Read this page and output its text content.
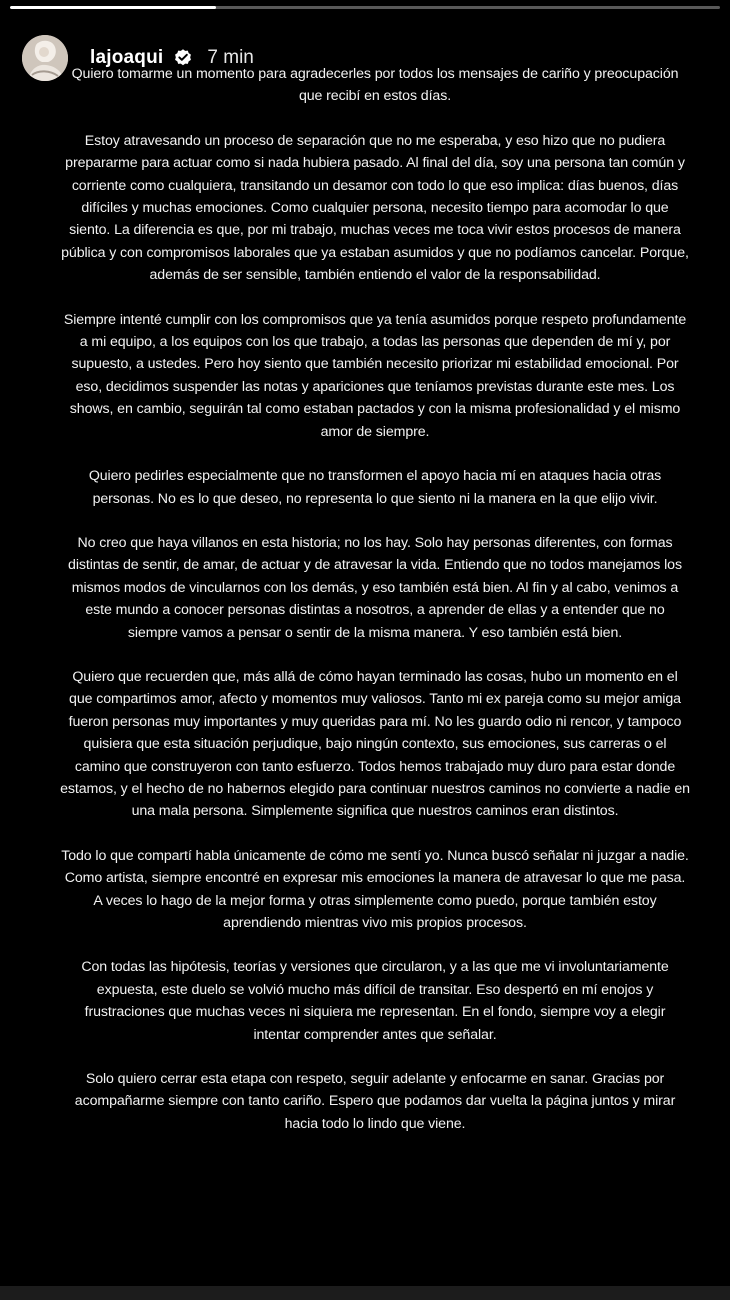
lajoaqui 7 min

Quiero tomarme un momento para agradecerles por todos los mensajes de cariño y preocupación que recibí en estos días.

Estoy atravesando un proceso de separación que no me esperaba, y eso hizo que no pudiera prepararme para actuar como si nada hubiera pasado. Al final del día, soy una persona tan común y corriente como cualquiera, transitando un desamor con todo lo que eso implica: días buenos, días difíciles y muchas emociones. Como cualquier persona, necesito tiempo para acomodar lo que siento. La diferencia es que, por mi trabajo, muchas veces me toca vivir estos procesos de manera pública y con compromisos laborales que ya estaban asumidos y que no podíamos cancelar. Porque, además de ser sensible, también entiendo el valor de la responsabilidad.

Siempre intenté cumplir con los compromisos que ya tenía asumidos porque respeto profundamente a mi equipo, a los equipos con los que trabajo, a todas las personas que dependen de mí y, por supuesto, a ustedes. Pero hoy siento que también necesito priorizar mi estabilidad emocional. Por eso, decidimos suspender las notas y apariciones que teníamos previstas durante este mes. Los shows, en cambio, seguirán tal como estaban pactados y con la misma profesionalidad y el mismo amor de siempre.

Quiero pedirles especialmente que no transformen el apoyo hacia mí en ataques hacia otras personas. No es lo que deseo, no representa lo que siento ni la manera en la que elijo vivir.

No creo que haya villanos en esta historia; no los hay. Solo hay personas diferentes, con formas distintas de sentir, de amar, de actuar y de atravesar la vida. Entiendo que no todos manejamos los mismos modos de vincularnos con los demás, y eso también está bien. Al fin y al cabo, venimos a este mundo a conocer personas distintas a nosotros, a aprender de ellas y a entender que no siempre vamos a pensar o sentir de la misma manera. Y eso también está bien.

Quiero que recuerden que, más allá de cómo hayan terminado las cosas, hubo un momento en el que compartimos amor, afecto y momentos muy valiosos. Tanto mi ex pareja como su mejor amiga fueron personas muy importantes y muy queridas para mí. No les guardo odio ni rencor, y tampoco quisiera que esta situación perjudique, bajo ningún contexto, sus emociones, sus carreras o el camino que construyeron con tanto esfuerzo. Todos hemos trabajado muy duro para estar donde estamos, y el hecho de no habernos elegido para continuar nuestros caminos no convierte a nadie en una mala persona. Simplemente significa que nuestros caminos eran distintos.

Todo lo que compartí habla únicamente de cómo me sentí yo. Nunca buscó señalar ni juzgar a nadie. Como artista, siempre encontré en expresar mis emociones la manera de atravesar lo que me pasa. A veces lo hago de la mejor forma y otras simplemente como puedo, porque también estoy aprendiendo mientras vivo mis propios procesos.

Con todas las hipótesis, teorías y versiones que circularon, y a las que me vi involuntariamente expuesta, este duelo se volvió mucho más difícil de transitar. Eso despertó en mí enojos y frustraciones que muchas veces ni siquiera me representan. En el fondo, siempre voy a elegir intentar comprender antes que señalar.

Solo quiero cerrar esta etapa con respeto, seguir adelante y enfocarme en sanar. Gracias por acompañarme siempre con tanto cariño. Espero que podamos dar vuelta la página juntos y mirar hacia todo lo lindo que viene.
